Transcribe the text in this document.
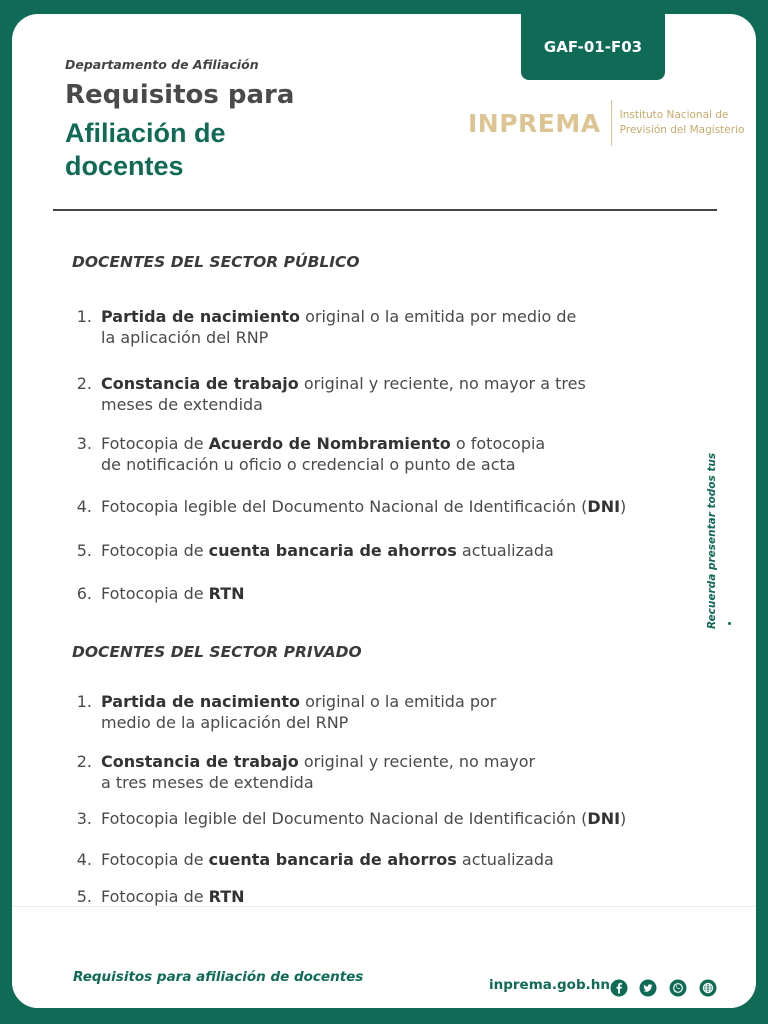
GAF-01-F03
Departamento de Afiliación
Requisitos para
Afiliación de docentes
INPREMA Instituto Nacional de
Previsión del Magisterio
DOCENTES DEL SECTOR PÚBLICO
1. Partida de nacimiento original o la emitida por medio de
la aplicación del RNP
2. Constancia de trabajo original y reciente, no mayor a tres
meses de extendida
3. Fotocopia de Acuerdo de Nombramiento o fotocopia
de notificación u oficio o credencial o punto de acta
4. Fotocopia legible del Documento Nacional de Identificación (DNI)
5. Fotocopia de cuenta bancaria de ahorros actualizada
6. Fotocopia de RTN
DOCENTES DEL SECTOR PRIVADO
1. Partida de nacimiento original o la emitida por
medio de la aplicación del RNP
2. Constancia de trabajo original y reciente, no mayor
a tres meses de extendida
3. Fotocopia legible del Documento Nacional de Identificación (DNI)
4. Fotocopia de cuenta bancaria de ahorros actualizada
5. Fotocopia de RTN
Recuerda presentar todos tus
Requisitos para afiliación de docentes	inprema.gob.hn
